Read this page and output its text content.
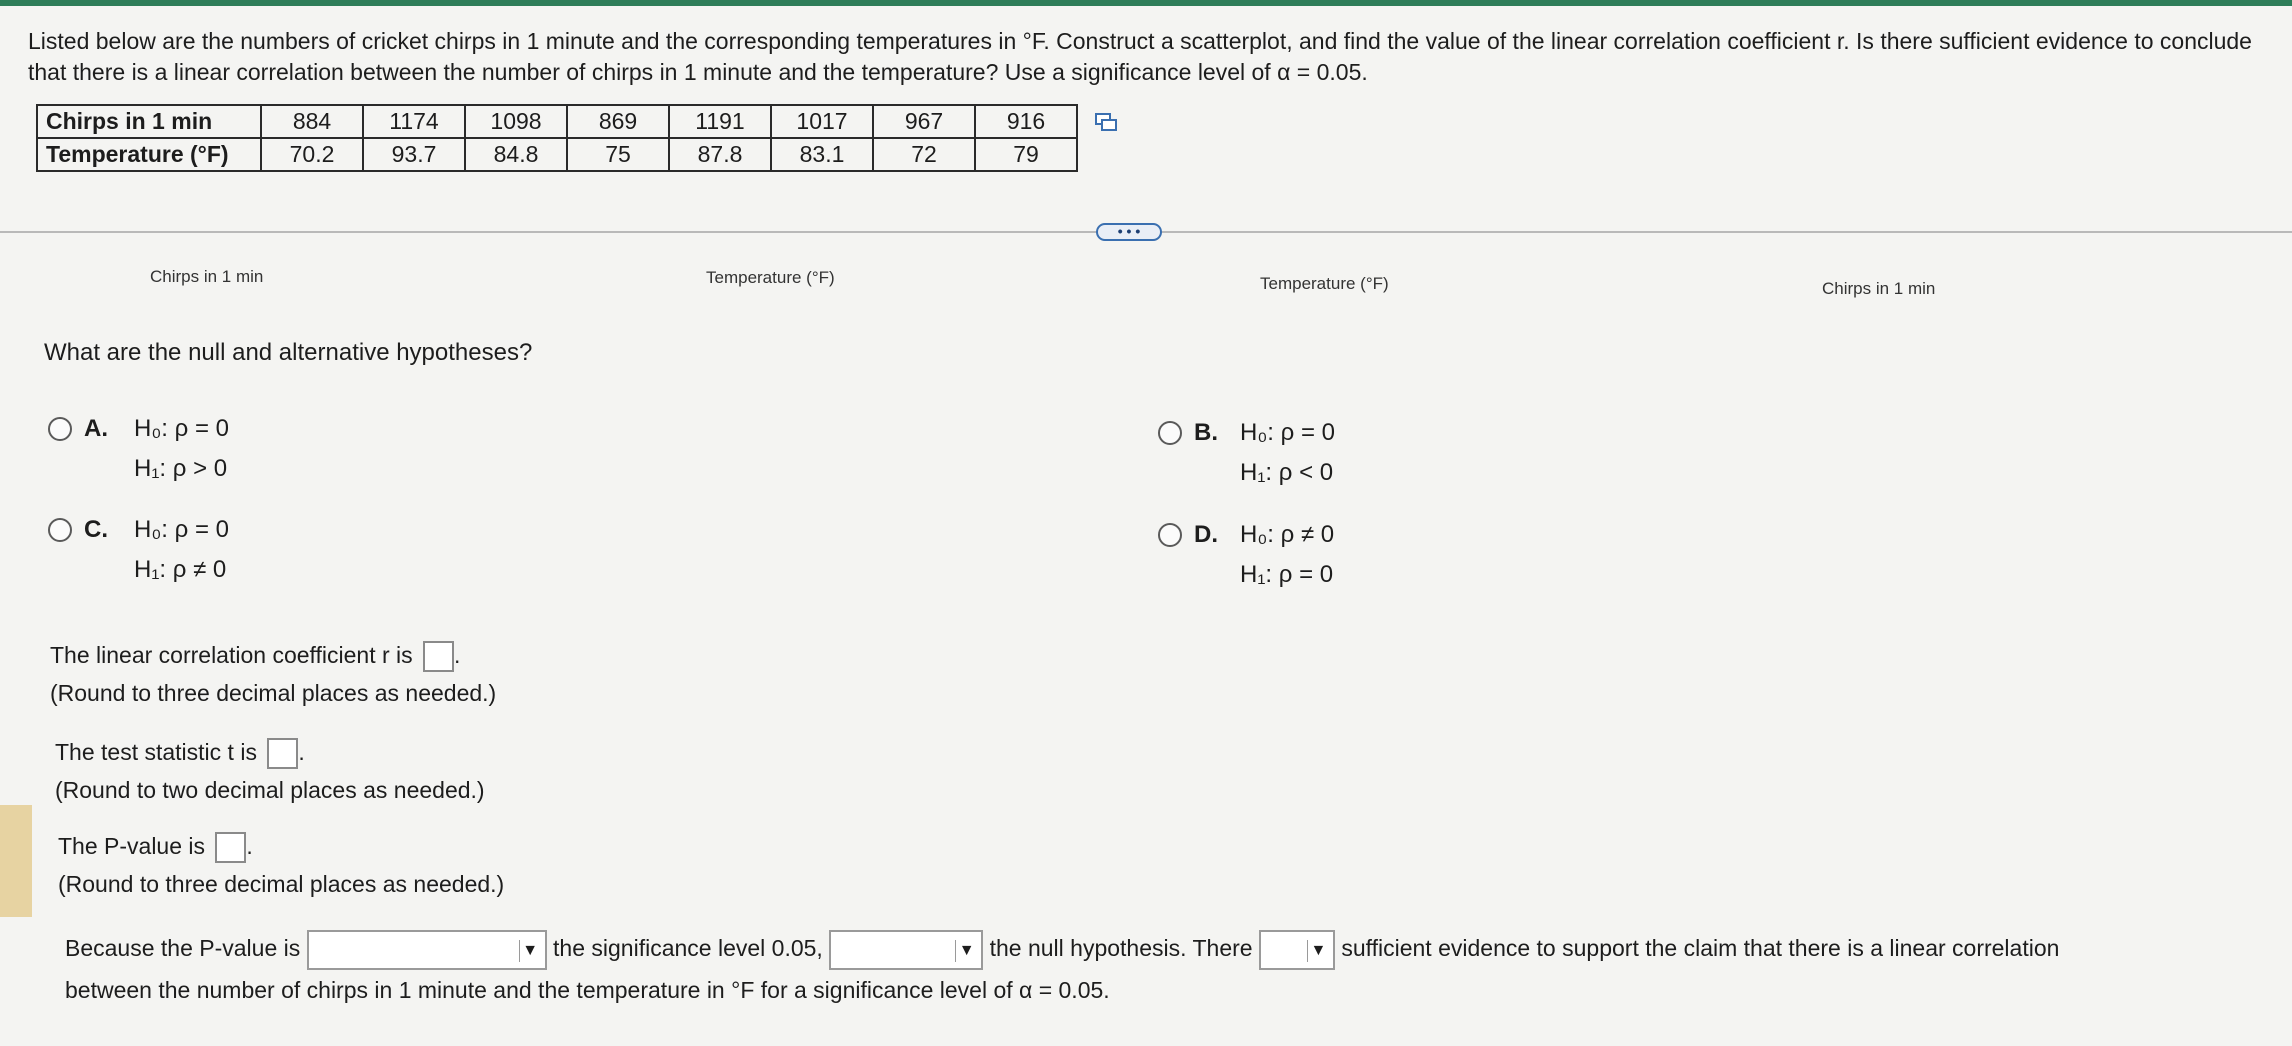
Listed below are the numbers of cricket chirps in 1 minute and the corresponding temperatures in °F. Construct a scatterplot, and find the value of the linear correlation coefficient r. Is there sufficient evidence to conclude that there is a linear correlation between the number of chirps in 1 minute and the temperature? Use a significance level of α = 0.05.
Chirps in 1 min	884	1174	1098	869	1191	1017	967	916
Temperature (°F)	70.2	93.7	84.8	75	87.8	83.1	72	79
• • •
Chirps in 1 min	Temperature (°F)	Temperature (°F)	Chirps in 1 min
What are the null and alternative hypotheses?
A. H₀: ρ = 0
H₁: ρ > 0
B. H₀: ρ = 0
H₁: ρ < 0
C. H₀: ρ = 0
H₁: ρ ≠ 0
D. H₀: ρ ≠ 0
H₁: ρ = 0
The linear correlation coefficient r is .
(Round to three decimal places as needed.)
The test statistic t is .
(Round to two decimal places as needed.)
The P-value is .
(Round to three decimal places as needed.)
Because the P-value is	▼ the significance level 0.05,	▼ the null hypothesis. There	▼ sufficient evidence to support the claim that there is a linear correlation
between the number of chirps in 1 minute and the temperature in °F for a significance level of α = 0.05.
